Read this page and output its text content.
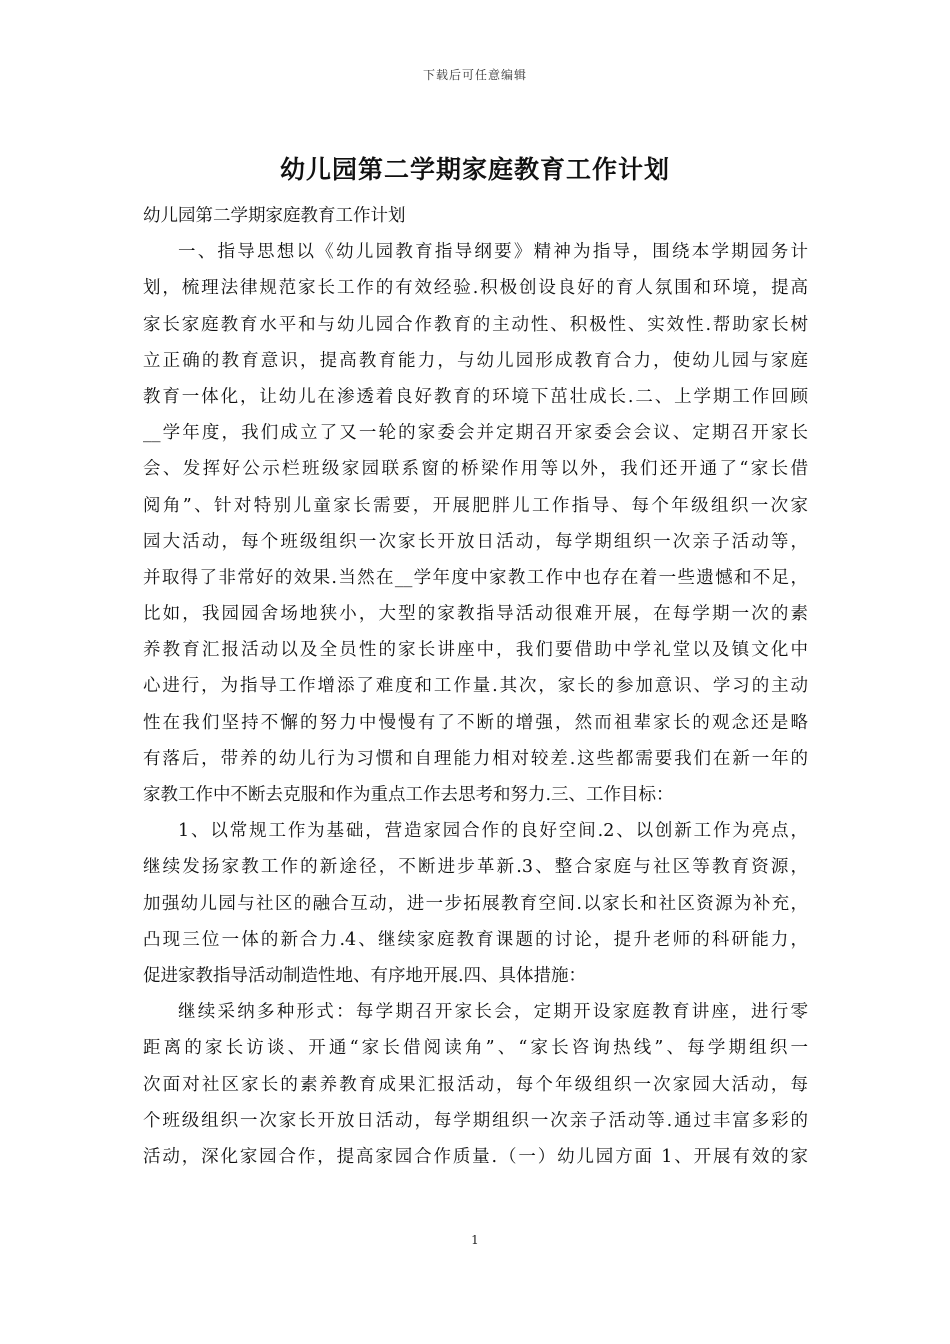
下载后可任意编辑
幼儿园第二学期家庭教育工作计划
幼儿园第二学期家庭教育工作计划
一、指导思想以《幼儿园教育指导纲要》精神为指导，围绕本学期园务计
划，梳理法律规范家长工作的有效经验.积极创设良好的育人氛围和环境，提高
家长家庭教育水平和与幼儿园合作教育的主动性、积极性、实效性.帮助家长树
立正确的教育意识，提高教育能力，与幼儿园形成教育合力，使幼儿园与家庭
教育一体化，让幼儿在渗透着良好教育的环境下茁壮成长.二、上学期工作回顾
__学年度，我们成立了又一轮的家委会并定期召开家委会会议、定期召开家长
会、发挥好公示栏班级家园联系窗的桥梁作用等以外，我们还开通了“家长借
阅角”、针对特别儿童家长需要，开展肥胖儿工作指导、每个年级组织一次家
园大活动，每个班级组织一次家长开放日活动，每学期组织一次亲子活动等，
并取得了非常好的效果.当然在__学年度中家教工作中也存在着一些遗憾和不足，
比如，我园园舍场地狭小，大型的家教指导活动很难开展，在每学期一次的素
养教育汇报活动以及全员性的家长讲座中，我们要借助中学礼堂以及镇文化中
心进行，为指导工作增添了难度和工作量.其次，家长的参加意识、学习的主动
性在我们坚持不懈的努力中慢慢有了不断的增强，然而祖辈家长的观念还是略
有落后，带养的幼儿行为习惯和自理能力相对较差.这些都需要我们在新一年的
家教工作中不断去克服和作为重点工作去思考和努力.三、工作目标：
1、以常规工作为基础，营造家园合作的良好空间.2、以创新工作为亮点，
继续发扬家教工作的新途径，不断进步革新.3、整合家庭与社区等教育资源，
加强幼儿园与社区的融合互动，进一步拓展教育空间.以家长和社区资源为补充，
凸现三位一体的新合力.4、继续家庭教育课题的讨论，提升老师的科研能力，
促进家教指导活动制造性地、有序地开展.四、具体措施：
继续采纳多种形式：每学期召开家长会，定期开设家庭教育讲座，进行零
距离的家长访谈、开通“家长借阅读角”、“家长咨询热线”、每学期组织一
次面对社区家长的素养教育成果汇报活动，每个年级组织一次家园大活动，每
个班级组织一次家长开放日活动，每学期组织一次亲子活动等.通过丰富多彩的
活动，深化家园合作，提高家园合作质量.（一）幼儿园方面 1、开展有效的家
1
